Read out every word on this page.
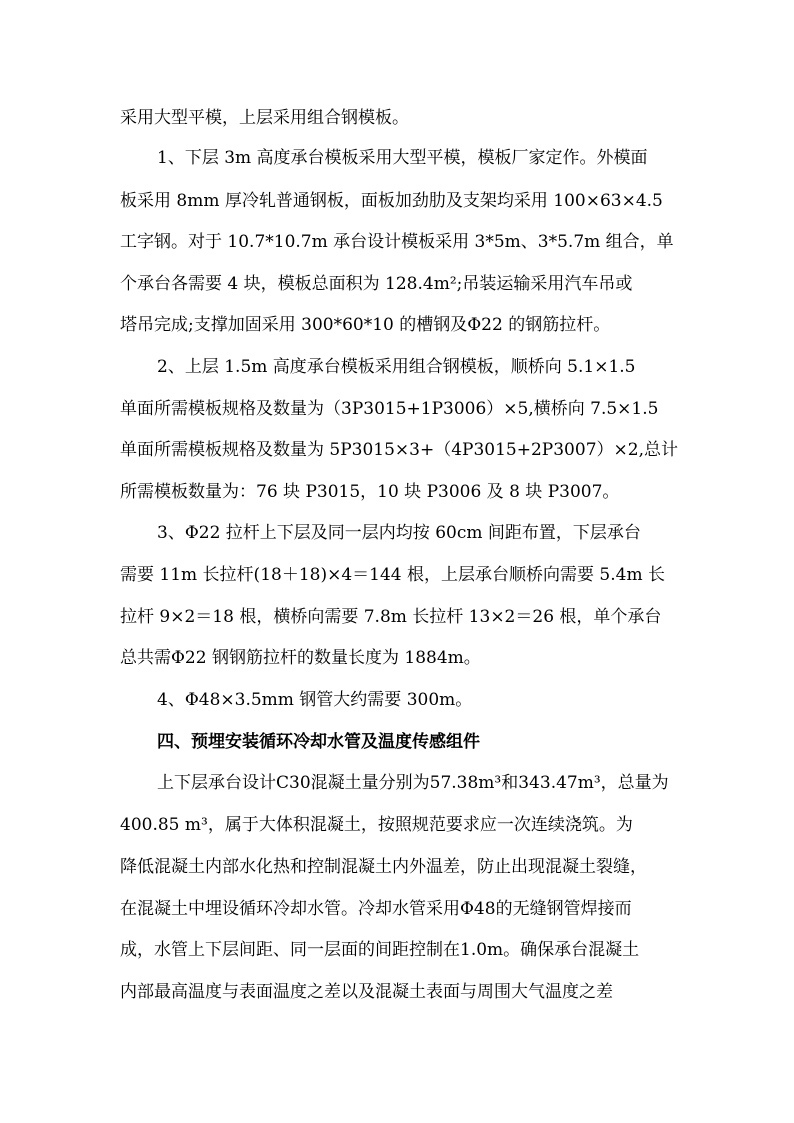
采用大型平模，上层采用组合钢模板。
1、下层 3m 高度承台模板采用大型平模，模板厂家定作。外模面
板采用 8mm 厚冷轧普通钢板，面板加劲肋及支架均采用 100×63×4.5
工字钢。对于 10.7*10.7m 承台设计模板采用 3*5m、3*5.7m 组合，单
个承台各需要 4 块，模板总面积为 128.4m²;吊装运输采用汽车吊或
塔吊完成;支撑加固采用 300*60*10 的槽钢及Φ22 的钢筋拉杆。
2、上层 1.5m 高度承台模板采用组合钢模板，顺桥向 5.1×1.5
单面所需模板规格及数量为（3P3015+1P3006）×5,横桥向 7.5×1.5
单面所需模板规格及数量为 5P3015×3+（4P3015+2P3007）×2,总计
所需模板数量为：76 块 P3015，10 块 P3006 及 8 块 P3007。
3、Φ22 拉杆上下层及同一层内均按 60cm 间距布置，下层承台
需要 11m 长拉杆(18＋18)×4＝144 根，上层承台顺桥向需要 5.4m 长
拉杆 9×2＝18 根，横桥向需要 7.8m 长拉杆 13×2＝26 根，单个承台
总共需Φ22 钢钢筋拉杆的数量长度为 1884m。
4、Φ48×3.5mm 钢管大约需要 300m。
四、预埋安装循环冷却水管及温度传感组件
上下层承台设计C30混凝土量分别为57.38m³和343.47m³，总量为
400.85 m³，属于大体积混凝土，按照规范要求应一次连续浇筑。为
降低混凝土内部水化热和控制混凝土内外温差，防止出现混凝土裂缝，
在混凝土中埋设循环冷却水管。冷却水管采用Φ48的无缝钢管焊接而
成，水管上下层间距、同一层面的间距控制在1.0m。确保承台混凝土
内部最高温度与表面温度之差以及混凝土表面与周围大气温度之差
